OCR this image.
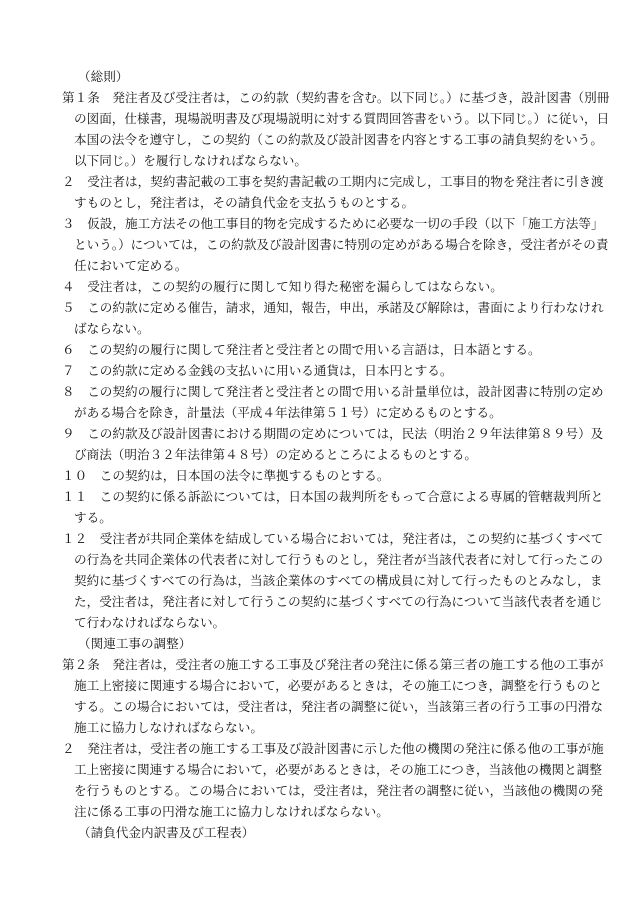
（総則）
第１条　発注者及び受注者は，この約款（契約書を含む。以下同じ。）に基づき，設計図書（別冊
の図面，仕様書，現場説明書及び現場説明に対する質問回答書をいう。以下同じ。）に従い，日
本国の法令を遵守し，この契約（この約款及び設計図書を内容とする工事の請負契約をいう。
以下同じ。）を履行しなければならない。
２　受注者は，契約書記載の工事を契約書記載の工期内に完成し，工事目的物を発注者に引き渡
すものとし，発注者は，その請負代金を支払うものとする。
３　仮設，施工方法その他工事目的物を完成するために必要な一切の手段（以下「施工方法等」
という。）については，この約款及び設計図書に特別の定めがある場合を除き，受注者がその責
任において定める。
４　受注者は，この契約の履行に関して知り得た秘密を漏らしてはならない。
５　この約款に定める催告，請求，通知，報告，申出，承諾及び解除は，書面により行わなけれ
ばならない。
６　この契約の履行に関して発注者と受注者との間で用いる言語は，日本語とする。
７　この約款に定める金銭の支払いに用いる通貨は，日本円とする。
８　この契約の履行に関して発注者と受注者との間で用いる計量単位は，設計図書に特別の定め
がある場合を除き，計量法（平成４年法律第５１号）に定めるものとする。
９　この約款及び設計図書における期間の定めについては，民法（明治２９年法律第８９号）及
び商法（明治３２年法律第４８号）の定めるところによるものとする。
１０　この契約は，日本国の法令に準拠するものとする。
１１　この契約に係る訴訟については，日本国の裁判所をもって合意による専属的管轄裁判所と
する。
１２　受注者が共同企業体を結成している場合においては，発注者は，この契約に基づくすべて
の行為を共同企業体の代表者に対して行うものとし，発注者が当該代表者に対して行ったこの
契約に基づくすべての行為は，当該企業体のすべての構成員に対して行ったものとみなし，ま
た，受注者は，発注者に対して行うこの契約に基づくすべての行為について当該代表者を通じ
て行わなければならない。
（関連工事の調整）
第２条　発注者は，受注者の施工する工事及び発注者の発注に係る第三者の施工する他の工事が
施工上密接に関連する場合において，必要があるときは，その施工につき，調整を行うものと
する。この場合においては，受注者は，発注者の調整に従い，当該第三者の行う工事の円滑な
施工に協力しなければならない。
２　発注者は，受注者の施工する工事及び設計図書に示した他の機関の発注に係る他の工事が施
工上密接に関連する場合において，必要があるときは，その施工につき，当該他の機関と調整
を行うものとする。この場合においては，受注者は，発注者の調整に従い，当該他の機関の発
注に係る工事の円滑な施工に協力しなければならない。
（請負代金内訳書及び工程表）
